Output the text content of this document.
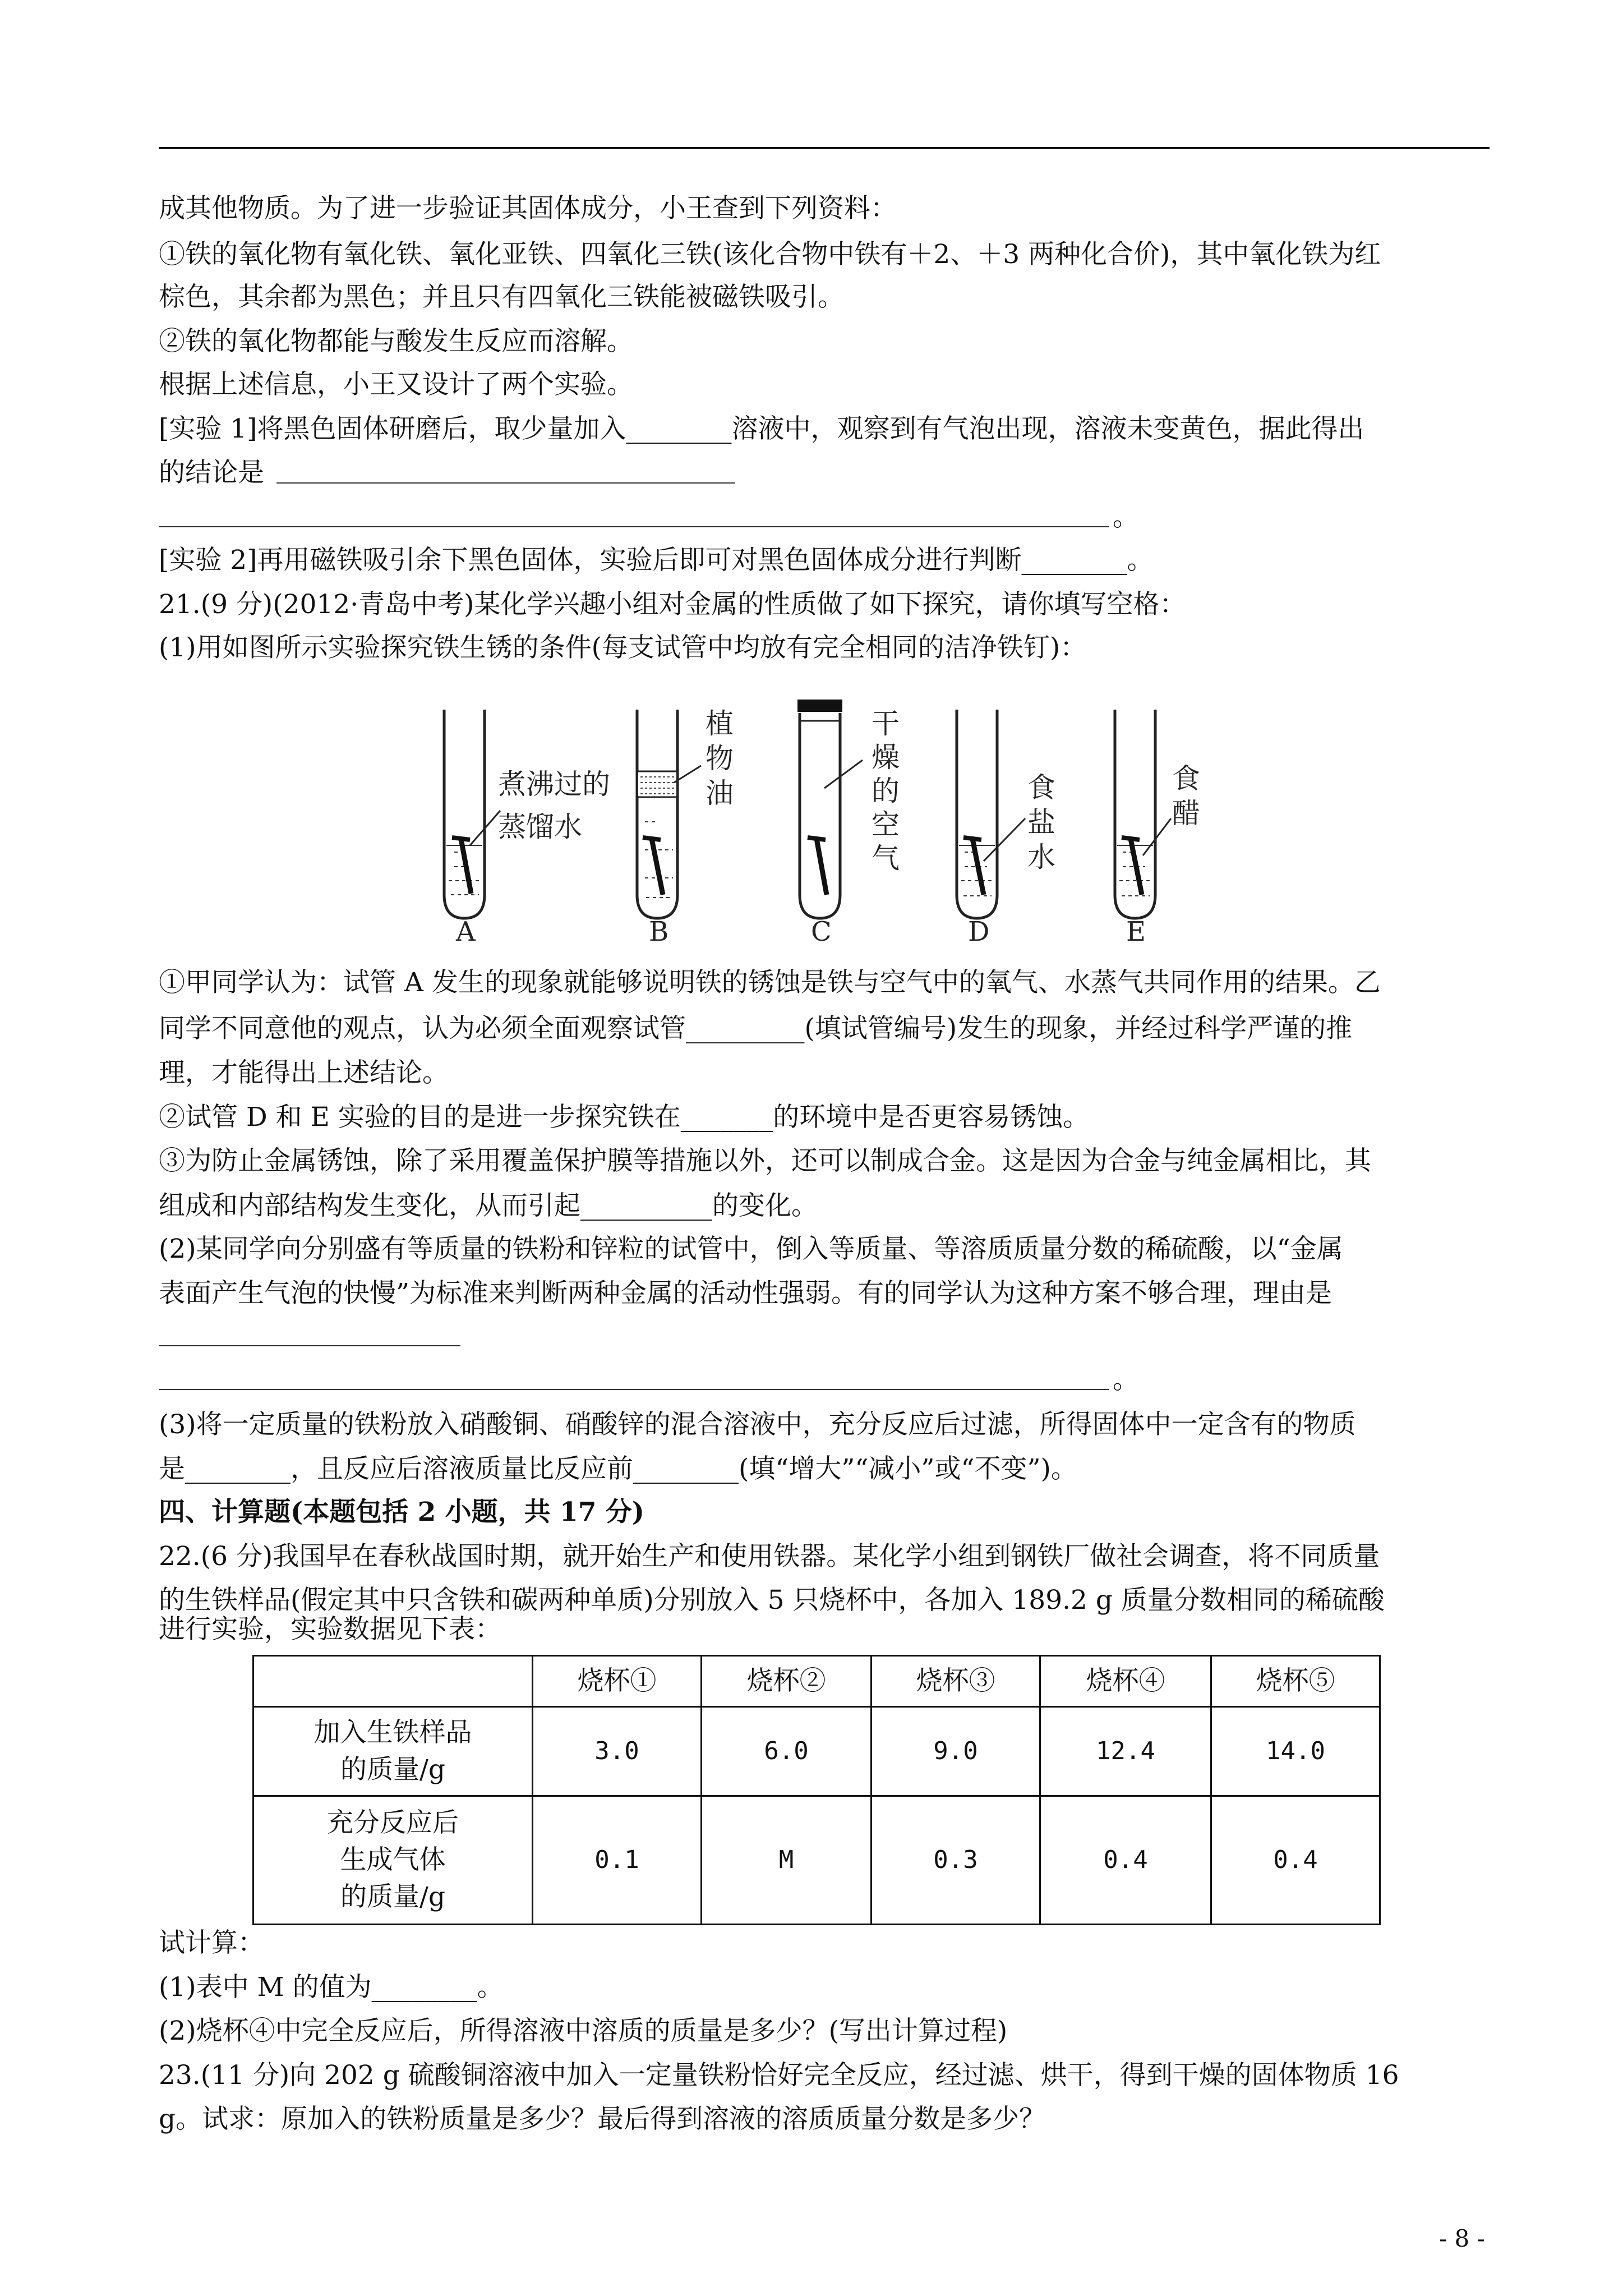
成其他物质。为了进一步验证其固体成分，小王查到下列资料：
①铁的氧化物有氧化铁、氧化亚铁、四氧化三铁(该化合物中铁有＋2、＋3 两种化合价)，其中氧化铁为红
棕色，其余都为黑色；并且只有四氧化三铁能被磁铁吸引。
②铁的氧化物都能与酸发生反应而溶解。
根据上述信息，小王又设计了两个实验。
[实验 1]将黑色固体研磨后，取少量加入________溶液中，观察到有气泡出现，溶液未变黄色，据此得出
的结论是
。
[实验 2]再用磁铁吸引余下黑色固体，实验后即可对黑色固体成分进行判断________。
21.(9 分)(2012·青岛中考)某化学兴趣小组对金属的性质做了如下探究，请你填写空格：
(1)用如图所示实验探究铁生锈的条件(每支试管中均放有完全相同的洁净铁钉)：
煮沸过的
蒸馏水
A
植
物
油
B
干
燥
的
空
气
C
食
盐
水
D
食
醋
E
①甲同学认为：试管 A 发生的现象就能够说明铁的锈蚀是铁与空气中的氧气、水蒸气共同作用的结果。乙
同学不同意他的观点，认为必须全面观察试管_________(填试管编号)发生的现象，并经过科学严谨的推
理，才能得出上述结论。
②试管 D 和 E 实验的目的是进一步探究铁在_______的环境中是否更容易锈蚀。
③为防止金属锈蚀，除了采用覆盖保护膜等措施以外，还可以制成合金。这是因为合金与纯金属相比，其
组成和内部结构发生变化，从而引起__________的变化。
(2)某同学向分别盛有等质量的铁粉和锌粒的试管中，倒入等质量、等溶质质量分数的稀硫酸，以“金属
表面产生气泡的快慢”为标准来判断两种金属的活动性强弱。有的同学认为这种方案不够合理，理由是
。
(3)将一定质量的铁粉放入硝酸铜、硝酸锌的混合溶液中，充分反应后过滤，所得固体中一定含有的物质
是________，且反应后溶液质量比反应前________(填“增大”“减小”或“不变”)。
四、计算题(本题包括 2 小题，共 17 分)
22.(6 分)我国早在春秋战国时期，就开始生产和使用铁器。某化学小组到钢铁厂做社会调查，将不同质量
的生铁样品(假定其中只含铁和碳两种单质)分别放入 5 只烧杯中，各加入 189.2 g 质量分数相同的稀硫酸
进行实验，实验数据见下表：
	烧杯①	烧杯②	烧杯③	烧杯④	烧杯⑤

加入生铁样品
的质量/g	3.0	6.0	9.0	12.4	14.0

充分反应后
生成气体
的质量/g	0.1	M	0.3	0.4	0.4
试计算：
(1)表中 M 的值为________。
(2)烧杯④中完全反应后，所得溶液中溶质的质量是多少？(写出计算过程)
23.(11 分)向 202 g 硫酸铜溶液中加入一定量铁粉恰好完全反应，经过滤、烘干，得到干燥的固体物质 16
g。试求：原加入的铁粉质量是多少？最后得到溶液的溶质质量分数是多少？
- 8 -
